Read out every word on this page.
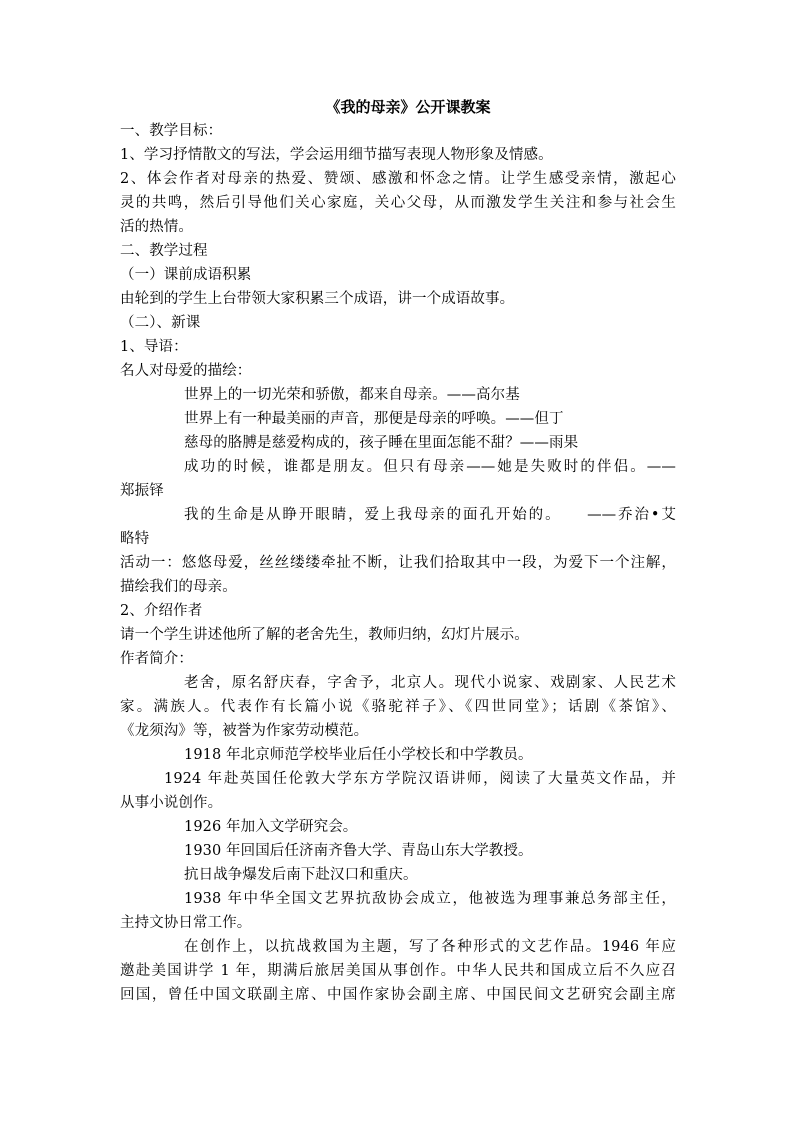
《我的母亲》公开课教案

一、教学目标：

1、学习抒情散文的写法，学会运用细节描写表现人物形象及情感。

2、体会作者对母亲的热爱、赞颂、感激和怀念之情。让学生感受亲情，激起心

灵的共鸣，然后引导他们关心家庭，关心父母，从而激发学生关注和参与社会生

活的热情。

二、教学过程

（一）课前成语积累

由轮到的学生上台带领大家积累三个成语，讲一个成语故事。

（二）、新课

1、导语：

名人对母爱的描绘：

世界上的一切光荣和骄傲，都来自母亲。——高尔基

世界上有一种最美丽的声音，那便是母亲的呼唤。——但丁

慈母的胳膊是慈爱构成的，孩子睡在里面怎能不甜？——雨果

成功的时候，谁都是朋友。但只有母亲——她是失败时的伴侣。——

郑振铎

我的生命是从睁开眼睛，爱上我母亲的面孔开始的。　　——乔治•艾

略特

活动一：悠悠母爱，丝丝缕缕牵扯不断，让我们拾取其中一段，为爱下一个注解，

描绘我们的母亲。

2、介绍作者

请一个学生讲述他所了解的老舍先生，教师归纳，幻灯片展示。

作者简介：

老舍，原名舒庆春，字舍予，北京人。现代小说家、戏剧家、人民艺术

家。满族人。代表作有长篇小说《骆驼祥子》、《四世同堂》；话剧《茶馆》、

《龙须沟》等，被誉为作家劳动模范。

1918 年北京师范学校毕业后任小学校长和中学教员。

1924 年赴英国任伦敦大学东方学院汉语讲师，阅读了大量英文作品，并

从事小说创作。

1926 年加入文学研究会。

1930 年回国后任济南齐鲁大学、青岛山东大学教授。

抗日战争爆发后南下赴汉口和重庆。

1938 年中华全国文艺界抗敌协会成立，他被选为理事兼总务部主任，

主持文协日常工作。

在创作上，以抗战救国为主题，写了各种形式的文艺作品。1946 年应

邀赴美国讲学 1 年，期满后旅居美国从事创作。中华人民共和国成立后不久应召

回国，曾任中国文联副主席、中国作家协会副主席、中国民间文艺研究会副主席
